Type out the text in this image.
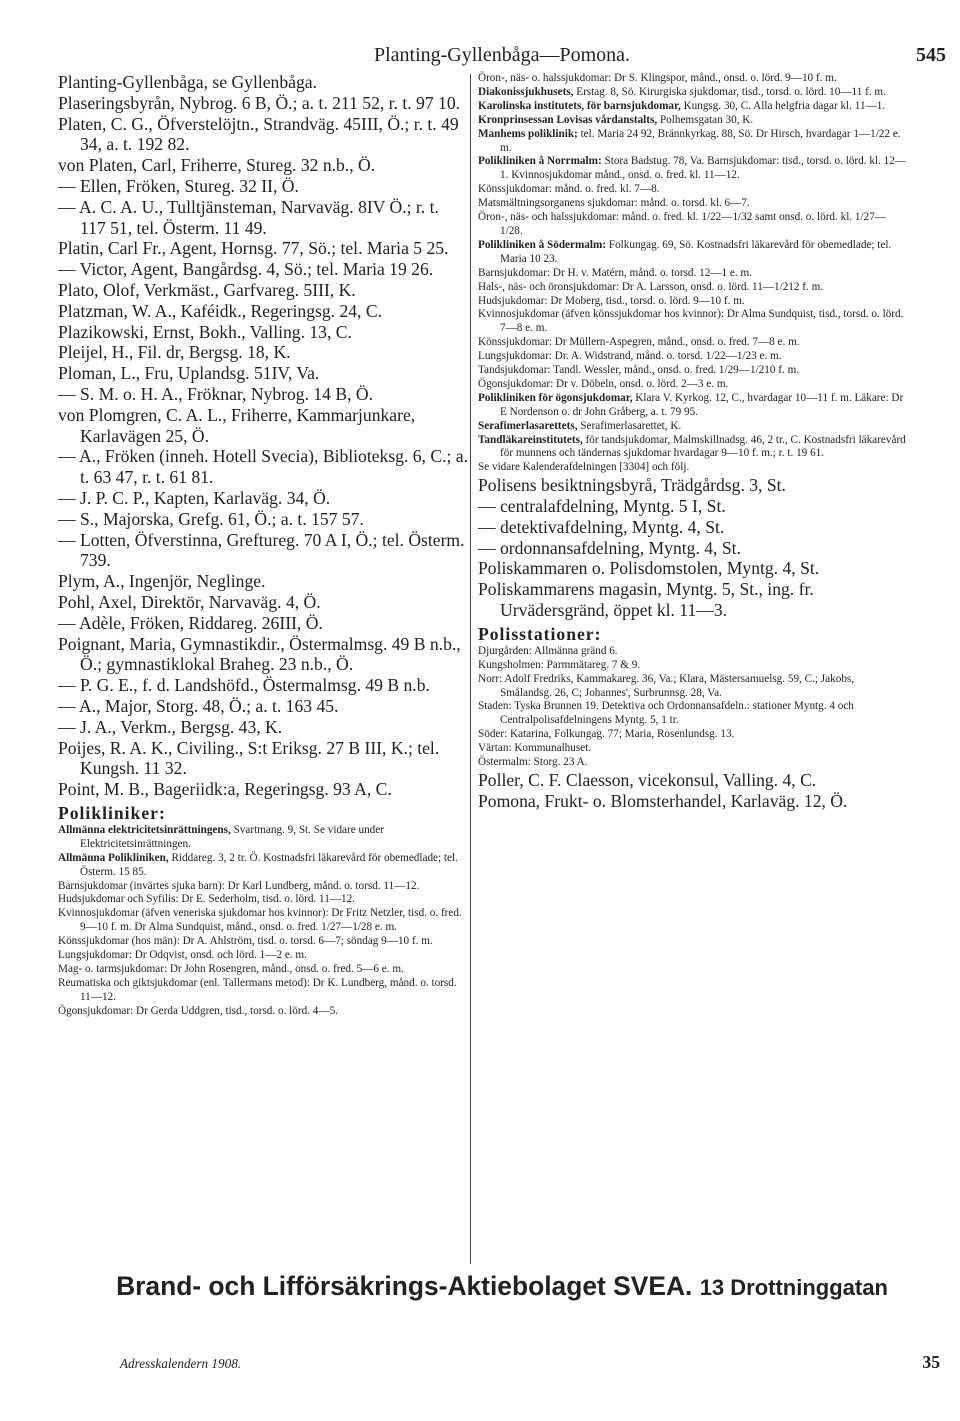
Planting-Gyllenbåga—Pomona.	545

Planting-Gyllenbåga, se Gyllenbåga.

Plaseringsbyrån, Nybrog. 6 B, Ö.; a. t. 211 52, r. t. 97 10.

Platen, C. G., Öfverstelöjtn., Strandväg. 45III, Ö.; r. t. 49 34, a. t. 192 82.

von Platen, Carl, Friherre, Stureg. 32 n.b., Ö.

— Ellen, Fröken, Stureg. 32 II, Ö.

— A. C. A. U., Tulltjänsteman, Narvaväg. 8IV Ö.; r. t. 117 51, tel. Österm. 11 49.

Platin, Carl Fr., Agent, Hornsg. 77, Sö.; tel. Maria 5 25.

— Victor, Agent, Bangårdsg. 4, Sö.; tel. Maria 19 26.

Plato, Olof, Verkmäst., Garfvareg. 5III, K.

Platzman, W. A., Kaféidk., Regeringsg. 24, C.

Plazikowski, Ernst, Bokh., Valling. 13, C.

Pleijel, H., Fil. dr, Bergsg. 18, K.

Ploman, L., Fru, Uplandsg. 51IV, Va.

— S. M. o. H. A., Fröknar, Nybrog. 14 B, Ö.

von Plomgren, C. A. L., Friherre, Kammarjunkare, Karlavägen 25, Ö.

— A., Fröken (inneh. Hotell Svecia), Biblioteksg. 6, C.; a. t. 63 47, r. t. 61 81.

— J. P. C. P., Kapten, Karlaväg. 34, Ö.

— S., Majorska, Grefg. 61, Ö.; a. t. 157 57.

— Lotten, Öfverstinna, Greftureg. 70 A I, Ö.; tel. Österm. 739.

Plym, A., Ingenjör, Neglinge.

Pohl, Axel, Direktör, Narvaväg. 4, Ö.

— Adèle, Fröken, Riddareg. 26III, Ö.

Poignant, Maria, Gymnastikdir., Östermalmsg. 49 B n.b., Ö.; gymnastiklokal Braheg. 23 n.b., Ö.

— P. G. E., f. d. Landshöfd., Östermalmsg. 49 B n.b.

— A., Major, Storg. 48, Ö.; a. t. 163 45.

— J. A., Verkm., Bergsg. 43, K.

Poijes, R. A. K., Civiling., S:t Eriksg. 27 B III, K.; tel. Kungsh. 11 32.

Point, M. B., Bageriidk:a, Regeringsg. 93 A, C.

Polikliniker:

Allmänna elektricitetsinrättningens, Svartmang. 9, St. Se vidare under Elektricitetsinrättningen.

Allmänna Polikliniken, Riddareg. 3, 2 tr. Ö. Kostnadsfri läkarevård för obemedlade; tel. Österm. 15 85.

Barnsjukdomar (invärtes sjuka barn): Dr Karl Lundberg, månd. o. torsd. 11—12.

Hudsjukdomar och Syfilis: Dr E. Sederholm, tisd. o. lörd. 11—12.

Kvinnosjukdomar (äfven veneriska sjukdomar hos kvinnor): Dr Fritz Netzler, tisd. o. fred. 9—10 f. m. Dr Alma Sundquist, månd., onsd. o. fred. 1/27—1/28 e. m.

Könssjukdomar (hos män): Dr A. Ahlström, tisd. o. torsd. 6—7; söndag 9—10 f. m.

Lungsjukdomar: Dr Odqvist, onsd. och lörd. 1—2 e. m.

Mag- o. tarmsjukdomar: Dr John Rosengren, månd., onsd. o. fred. 5—6 e. m.

Reumatiska och giktsjukdomar (enl. Tallermans metod): Dr K. Lundberg, månd. o. torsd. 11—12.

Ögonsjukdomar: Dr Gerda Uddgren, tisd., torsd. o. lörd. 4—5.

Öron-, näs- o. halssjukdomar: Dr S. Klingspor, månd., onsd. o. lörd. 9—10 f. m.

Diakonissjukhusets, Erstag. 8, Sö. Kirurgiska sjukdomar, tisd., torsd. o. lörd. 10—11 f. m.

Karolinska institutets, för barnsjukdomar, Kungsg. 30, C. Alla helgfria dagar kl. 11—1.

Kronprinsessan Lovisas vårdanstalts, Polhemsgatan 30, K.

Manhems poliklinik; tel. Maria 24 92, Brännkyrkag. 88, Sö. Dr Hirsch, hvardagar 1—1/22 e. m.

Polikliniken å Norrmalm: Stora Badstug. 78, Va. Barnsjukdomar: tisd., torsd. o. lörd. kl. 12—1. Kvinnosjukdomar månd., onsd. o. fred. kl. 11—12.

Könssjukdomar: månd. o. fred. kl. 7—8.

Matsmältningsorganens sjukdomar: månd. o. torsd. kl. 6—7.

Öron-, näs- och halssjukdomar: månd. o. fred. kl. 1/22—1/32 samt onsd. o. lörd. kl. 1/27—1/28.

Polikliniken å Södermalm: Folkungag. 69, Sö. Kostnadsfri läkarevård för obemedlade; tel. Maria 10 23.

Barnsjukdomar: Dr H. v. Matérn, månd. o. torsd. 12—1 e. m.

Hals-, näs- och öronsjukdomar: Dr A. Larsson, onsd. o. lörd. 11—1/212 f. m.

Hudsjukdomar: Dr Moberg, tisd., torsd. o. lörd. 9—10 f. m.

Kvinnosjukdomar (äfven könssjukdomar hos kvinnor): Dr Alma Sundquist, tisd., torsd. o. lörd. 7—8 e. m.

Könssjukdomar: Dr Müllern-Aspegren, månd., onsd. o. fred. 7—8 e. m.

Lungsjukdomar: Dr. A. Widstrand, månd. o. torsd. 1/22—1/23 e. m.

Tandsjukdomar: Tandl. Wessler, månd., onsd. o. fred. 1/29—1/210 f. m.

Ögonsjukdomar: Dr v. Döbeln, onsd. o. lörd. 2—3 e. m.

Polikliniken för ögonsjukdomar, Klara V. Kyrkog. 12, C., hvardagar 10—11 f. m. Läkare: Dr E Nordenson o. dr John Gråberg, a. t. 79 95.

Serafimerlasarettets, Serafimerlasarettet, K.

Tandläkareinstitutets, för tandsjukdomar, Malmskillnadsg. 46, 2 tr., C. Kostnadsfri läkarevård för munnens och tändernas sjukdomar hvardagar 9—10 f. m.; r. t. 19 61.

Se vidare Kalenderafdelningen [3304] och följ.

Polisens besiktningsbyrå, Trädgårdsg. 3, St.

— centralafdelning, Myntg. 5 I, St.

— detektivafdelning, Myntg. 4, St.

— ordonnansafdelning, Myntg. 4, St.

Poliskammaren o. Polisdomstolen, Myntg. 4, St.

Poliskammarens magasin, Myntg. 5, St., ing. fr. Urvädersgränd, öppet kl. 11—3.

Polisstationer:

Djurgården: Allmänna gränd 6.

Kungsholmen: Parmmätareg. 7 & 9.

Norr: Adolf Fredriks, Kammakareg. 36, Va.; Klara, Mästersamuelsg. 59, C.; Jakobs, Smålandsg. 26, C; Johannes', Surbrunnsg. 28, Va.

Staden: Tyska Brunnen 19. Detektiva och Ordonnansafdeln.: stationer Myntg. 4 och Centralpolisafdelningens Myntg. 5, 1 tr.

Söder: Katarina, Folkungag. 77; Maria, Rosenlundsg. 13.

Värtan: Kommunalhuset.

Östermalm: Storg. 23 A.

Poller, C. F. Claesson, vicekonsul, Valling. 4, C.

Pomona, Frukt- o. Blomsterhandel, Karlaväg. 12, Ö.

Brand- och Lifförsäkrings-Aktiebolaget SVEA. 13 Drottninggatan
Adresskalendern 1908.	35
